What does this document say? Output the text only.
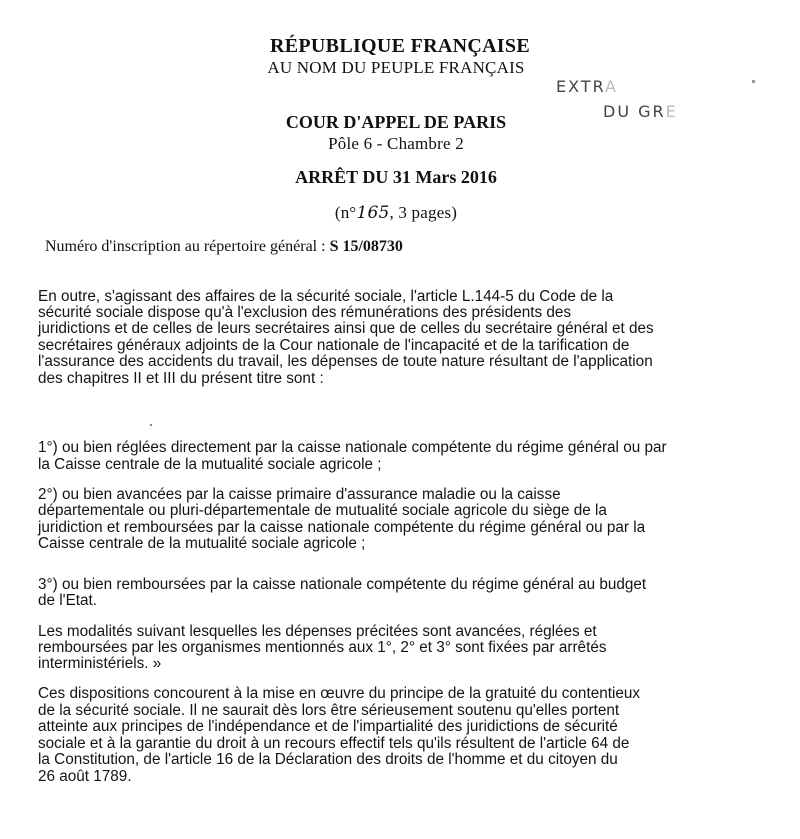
RÉPUBLIQUE FRANÇAISE
AU NOM DU PEUPLE FRANÇAIS
EXTRA
DU GRE
COUR D'APPEL DE PARIS
Pôle 6 - Chambre 2
ARRÊT DU 31 Mars 2016
(n°165, 3 pages)
Numéro d'inscription au répertoire général : S 15/08730
En outre, s'agissant des affaires de la sécurité sociale, l'article L.144-5 du Code de la
sécurité sociale dispose qu'à l'exclusion des rémunérations des présidents des
juridictions et de celles de leurs secrétaires ainsi que de celles du secrétaire général et des
secrétaires généraux adjoints de la Cour nationale de l'incapacité et de la tarification de
l'assurance des accidents du travail, les dépenses de toute nature résultant de l'application
des chapitres II et III du présent titre sont :
1°) ou bien réglées directement par la caisse nationale compétente du régime général ou par
la Caisse centrale de la mutualité sociale agricole ;
2°) ou bien avancées par la caisse primaire d'assurance maladie ou la caisse
départementale ou pluri-départementale de mutualité sociale agricole du siège de la
juridiction et remboursées par la caisse nationale compétente du régime général ou par la
Caisse centrale de la mutualité sociale agricole ;
3°) ou bien remboursées par la caisse nationale compétente du régime général au budget
de l'Etat.
Les modalités suivant lesquelles les dépenses précitées sont avancées, réglées et
remboursées par les organismes mentionnés aux 1°, 2° et 3° sont fixées par arrêtés
interministériels. »
Ces dispositions concourent à la mise en œuvre du principe de la gratuité du contentieux
de la sécurité sociale. Il ne saurait dès lors être sérieusement soutenu qu'elles portent
atteinte aux principes de l'indépendance et de l'impartialité des juridictions de sécurité
sociale et à la garantie du droit à un recours effectif tels qu'ils résultent de l'article 64 de
la Constitution, de l'article 16 de la Déclaration des droits de l'homme et du citoyen du
26 août 1789.
